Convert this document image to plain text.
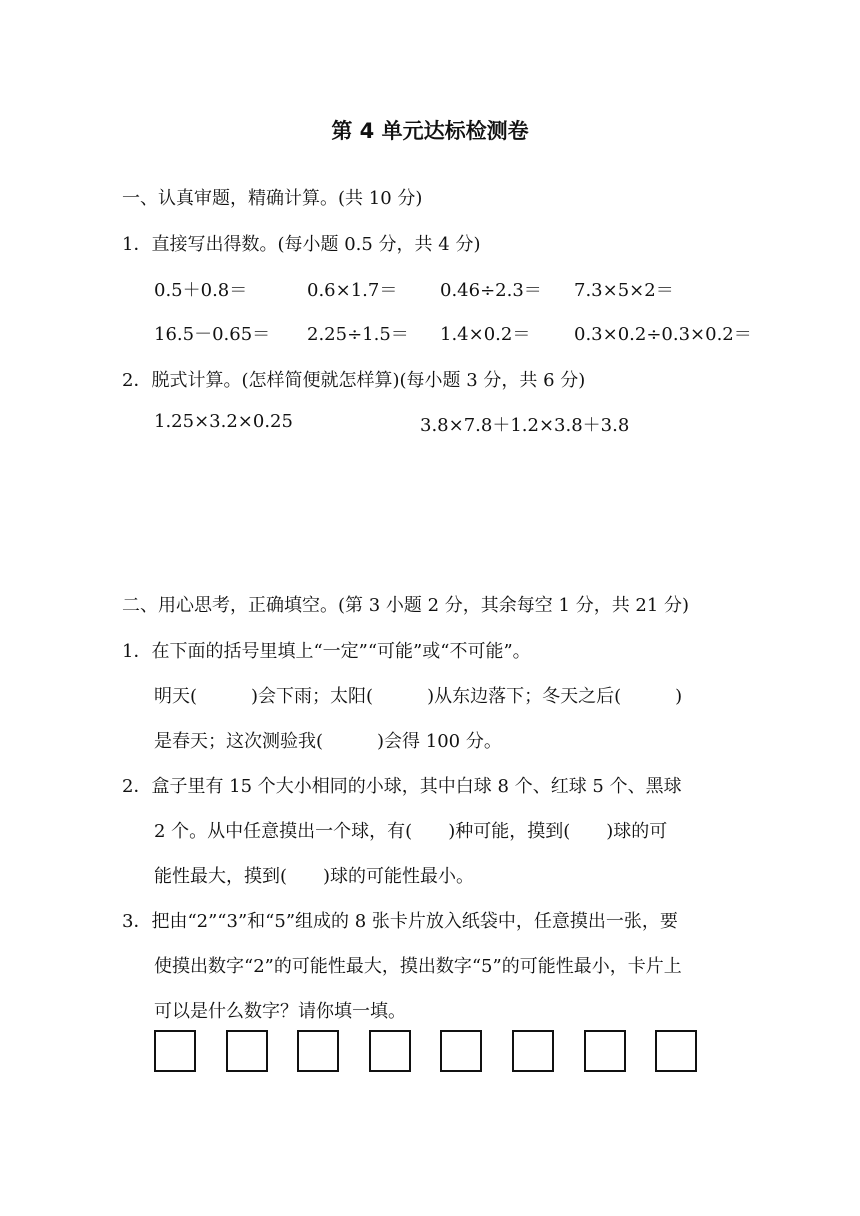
第 4 单元达标检测卷
一、认真审题，精确计算。(共 10 分)
1．直接写出得数。(每小题 0.5 分，共 4 分)
0.5＋0.8＝	0.6×1.7＝ 0.46÷2.3＝ 7.3×5×2＝
16.5－0.65＝ 2.25÷1.5＝ 1.4×0.2＝ 0.3×0.2÷0.3×0.2＝
2．脱式计算。(怎样简便就怎样算)(每小题 3 分，共 6 分)
1.25×3.2×0.25	3.8×7.8＋1.2×3.8＋3.8
二、用心思考，正确填空。(第 3 小题 2 分，其余每空 1 分，共 21 分)
1．在下面的括号里填上“一定”“可能”或“不可能”。
明天(　　　)会下雨；太阳(　　　)从东边落下；冬天之后(　　　)
是春天；这次测验我(　　　)会得 100 分。
2．盒子里有 15 个大小相同的小球，其中白球 8 个、红球 5 个、黑球
2 个。从中任意摸出一个球，有(　　)种可能，摸到(　　)球的可
能性最大，摸到(　　)球的可能性最小。
3．把由“2”“3”和“5”组成的 8 张卡片放入纸袋中，任意摸出一张，要
使摸出数字“2”的可能性最大，摸出数字“5”的可能性最小，卡片上
可以是什么数字？请你填一填。
